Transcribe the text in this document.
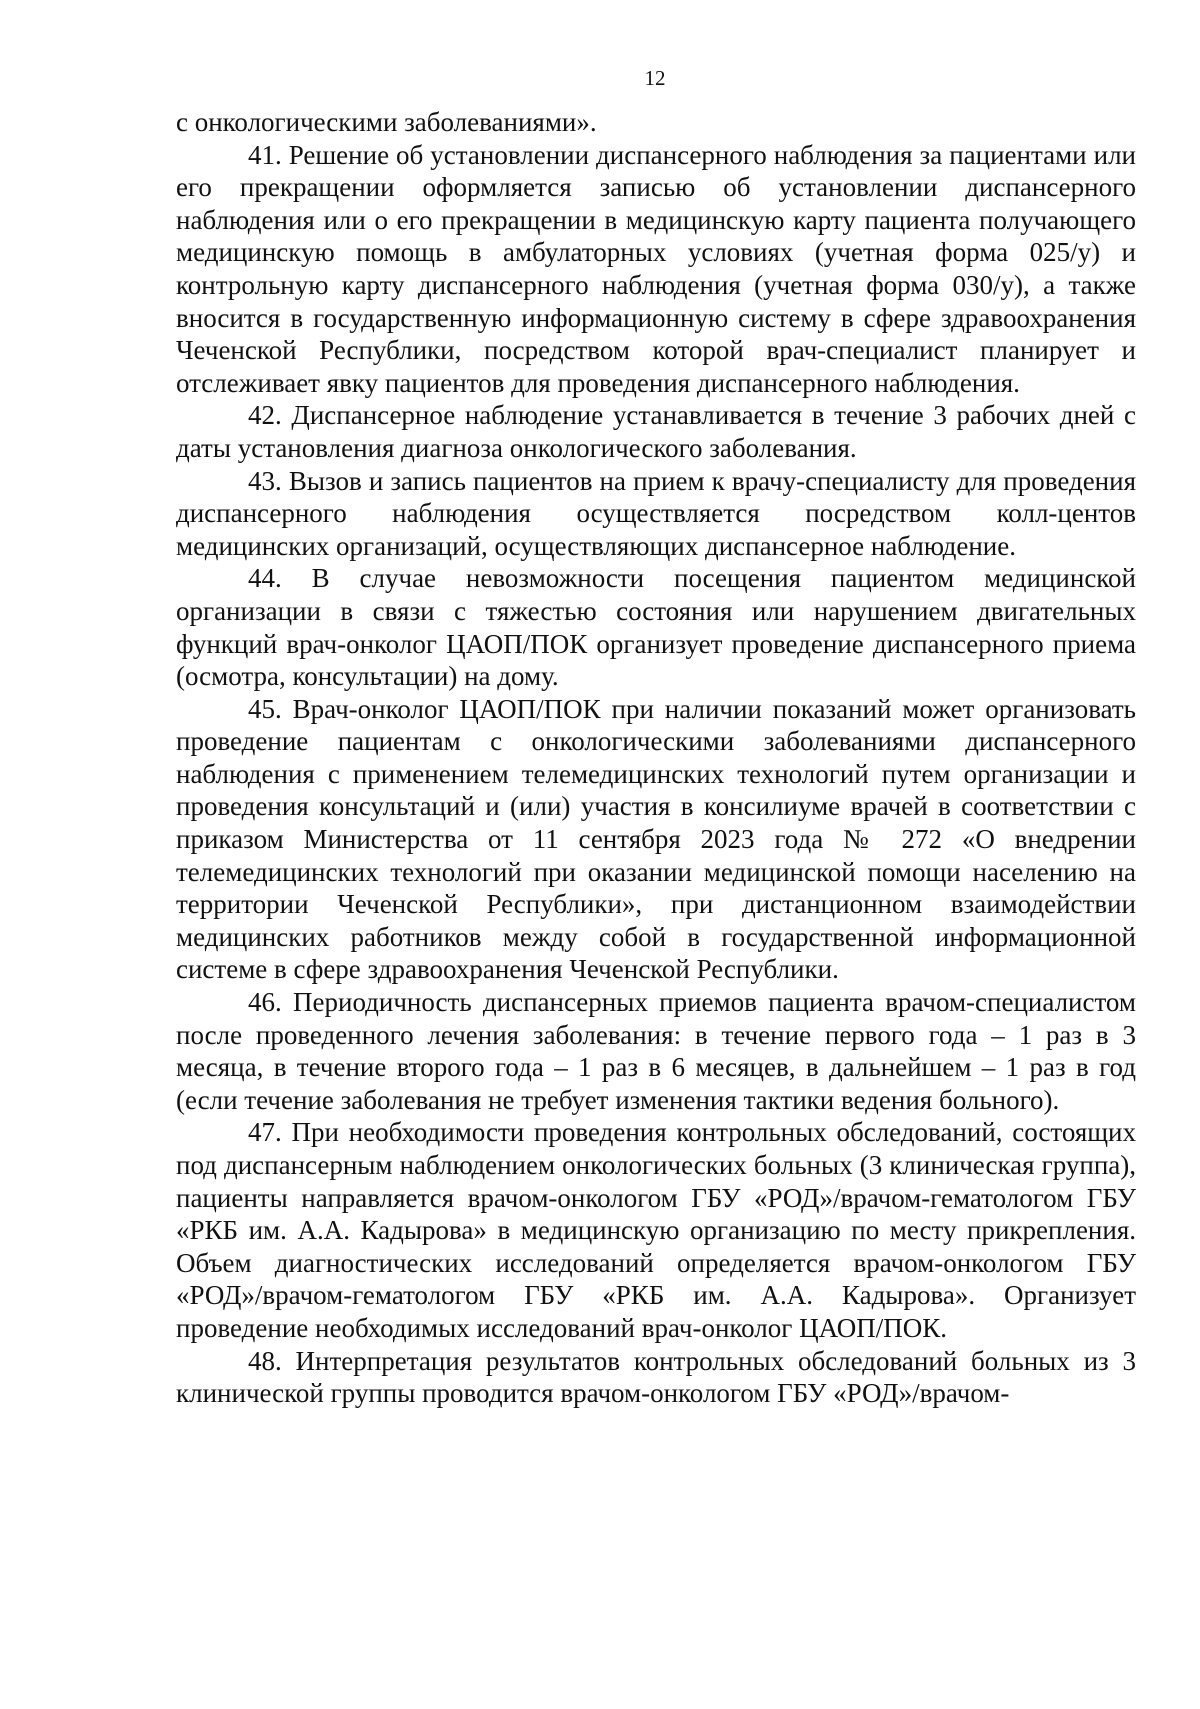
12

с онкологическими заболеваниями».

41. Решение об установлении диспансерного наблюдения за пациентами или его прекращении оформляется записью об установлении диспансерного наблюдения или о его прекращении в медицинскую карту пациента получающего медицинскую помощь в амбулаторных условиях (учетная форма 025/у) и контрольную карту диспансерного наблюдения (учетная форма 030/у), а также вносится в государственную информационную систему в сфере здравоохранения Чеченской Республики, посредством которой врач-специалист планирует и отслеживает явку пациентов для проведения диспансерного наблюдения.

42. Диспансерное наблюдение устанавливается в течение 3 рабочих дней с даты установления диагноза онкологического заболевания.

43. Вызов и запись пациентов на прием к врачу-специалисту для проведения диспансерного наблюдения осуществляется посредством колл-центов медицинских организаций, осуществляющих диспансерное наблюдение.

44. В случае невозможности посещения пациентом медицинской организации в связи с тяжестью состояния или нарушением двигательных функций врач-онколог ЦАОП/ПОК организует проведение диспансерного приема (осмотра, консультации) на дому.

45. Врач-онколог ЦАОП/ПОК при наличии показаний может организовать проведение пациентам с онкологическими заболеваниями диспансерного наблюдения с применением телемедицинских технологий путем организации и проведения консультаций и (или) участия в консилиуме врачей в соответствии с приказом Министерства от 11 сентября 2023 года № 272 «О внедрении телемедицинских технологий при оказании медицинской помощи населению на территории Чеченской Республики», при дистанционном взаимодействии медицинских работников между собой в государственной информационной системе в сфере здравоохранения Чеченской Республики.

46. Периодичность диспансерных приемов пациента врачом-специалистом после проведенного лечения заболевания: в течение первого года – 1 раз в 3 месяца, в течение второго года – 1 раз в 6 месяцев, в дальнейшем – 1 раз в год (если течение заболевания не требует изменения тактики ведения больного).

47. При необходимости проведения контрольных обследований, состоящих под диспансерным наблюдением онкологических больных (3 клиническая группа), пациенты направляется врачом-онкологом ГБУ «РОД»/врачом-гематологом ГБУ «РКБ им. А.А. Кадырова» в медицинскую организацию по месту прикрепления. Объем диагностических исследований определяется врачом-онкологом ГБУ «РОД»/врачом-гематологом ГБУ «РКБ им. А.А. Кадырова». Организует проведение необходимых исследований врач-онколог ЦАОП/ПОК.

48. Интерпретация результатов контрольных обследований больных из 3 клинической группы проводится врачом-онкологом ГБУ «РОД»/врачом-
